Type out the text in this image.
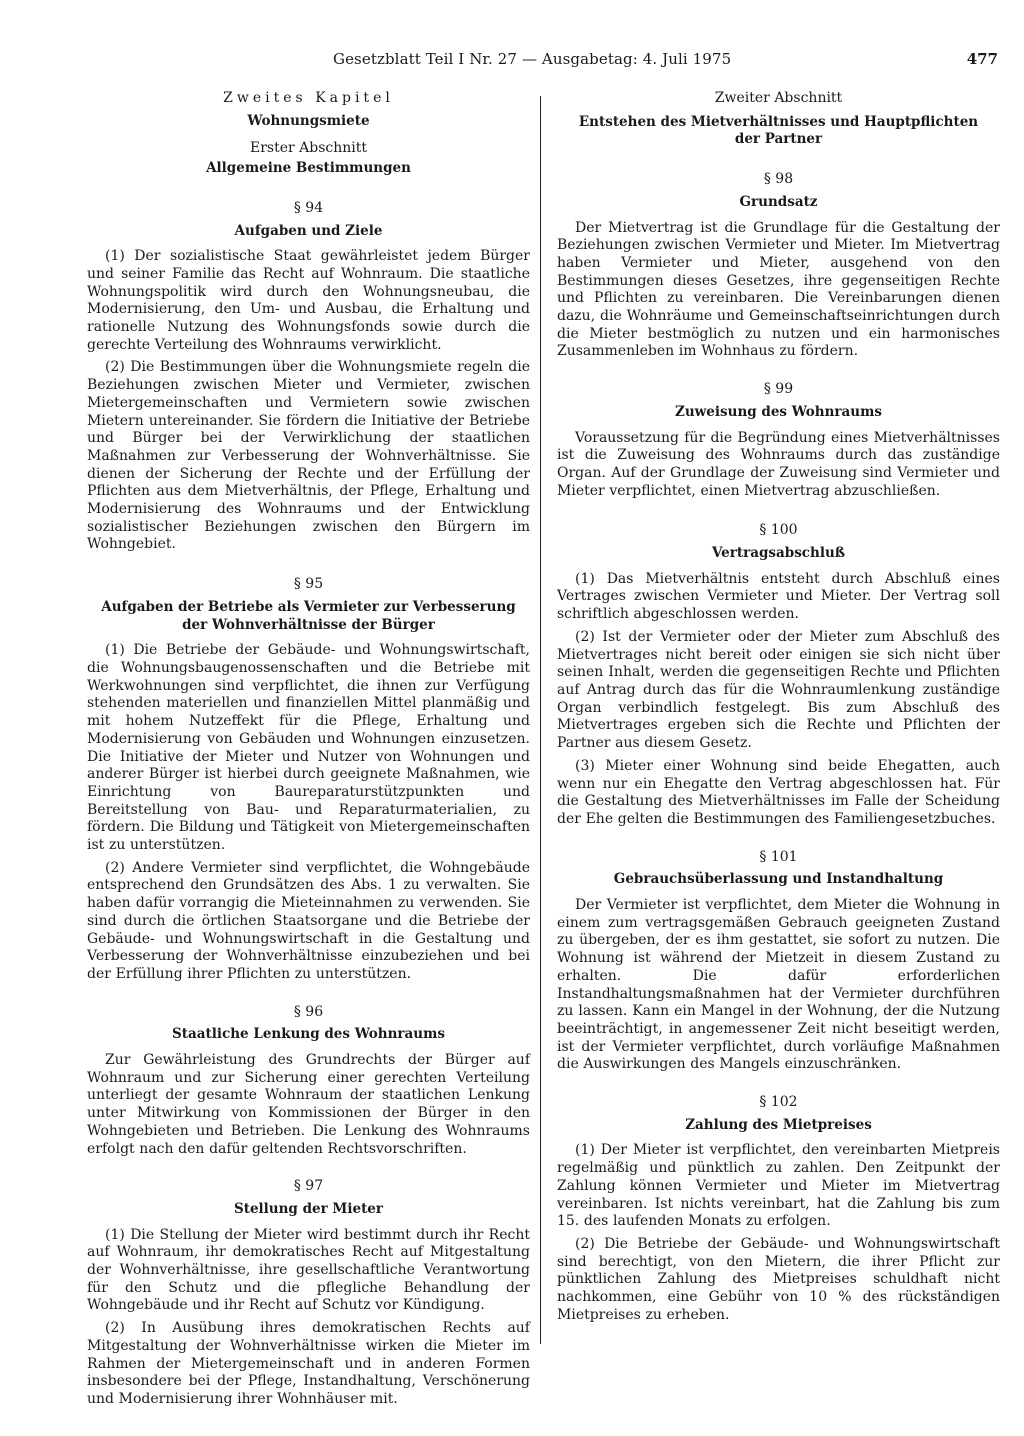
Gesetzblatt Teil I Nr. 27 — Ausgabetag: 4. Juli 1975	477
Zweites Kapitel
Wohnungsmiete
Erster Abschnitt
Allgemeine Bestimmungen
§ 94
Aufgaben und Ziele

(1) Der sozialistische Staat gewährleistet jedem Bürger und seiner Familie das Recht auf Wohnraum. Die staatliche Wohnungspolitik wird durch den Wohnungsneubau, die Modernisierung, den Um- und Ausbau, die Erhaltung und rationelle Nutzung des Wohnungsfonds sowie durch die gerechte Verteilung des Wohnraums verwirklicht.

(2) Die Bestimmungen über die Wohnungsmiete regeln die Beziehungen zwischen Mieter und Vermieter, zwischen Mietergemeinschaften und Vermietern sowie zwischen Mietern untereinander. Sie fördern die Initiative der Betriebe und Bürger bei der Verwirklichung der staatlichen Maßnahmen zur Verbesserung der Wohnverhältnisse. Sie dienen der Sicherung der Rechte und der Erfüllung der Pflichten aus dem Mietverhältnis, der Pflege, Erhaltung und Modernisierung des Wohnraums und der Entwicklung sozialistischer Beziehungen zwischen den Bürgern im Wohngebiet.

§ 95
Aufgaben der Betriebe als Vermieter zur Verbesserung
der Wohnverhältnisse der Bürger

(1) Die Betriebe der Gebäude- und Wohnungswirtschaft, die Wohnungsbaugenossenschaften und die Betriebe mit Werkwohnungen sind verpflichtet, die ihnen zur Verfügung stehenden materiellen und finanziellen Mittel planmäßig und mit hohem Nutzeffekt für die Pflege, Erhaltung und Modernisierung von Gebäuden und Wohnungen einzusetzen. Die Initiative der Mieter und Nutzer von Wohnungen und anderer Bürger ist hierbei durch geeignete Maßnahmen, wie Einrichtung von Baureparaturstützpunkten und Bereitstellung von Bau- und Reparaturmaterialien, zu fördern. Die Bildung und Tätigkeit von Mietergemeinschaften ist zu unterstützen.

(2) Andere Vermieter sind verpflichtet, die Wohngebäude entsprechend den Grundsätzen des Abs. 1 zu verwalten. Sie haben dafür vorrangig die Mieteinnahmen zu verwenden. Sie sind durch die örtlichen Staatsorgane und die Betriebe der Gebäude- und Wohnungswirtschaft in die Gestaltung und Verbesserung der Wohnverhältnisse einzubeziehen und bei der Erfüllung ihrer Pflichten zu unterstützen.

§ 96
Staatliche Lenkung des Wohnraums

Zur Gewährleistung des Grundrechts der Bürger auf Wohnraum und zur Sicherung einer gerechten Verteilung unterliegt der gesamte Wohnraum der staatlichen Lenkung unter Mitwirkung von Kommissionen der Bürger in den Wohngebieten und Betrieben. Die Lenkung des Wohnraums erfolgt nach den dafür geltenden Rechtsvorschriften.

§ 97
Stellung der Mieter

(1) Die Stellung der Mieter wird bestimmt durch ihr Recht auf Wohnraum, ihr demokratisches Recht auf Mitgestaltung der Wohnverhältnisse, ihre gesellschaftliche Verantwortung für den Schutz und die pflegliche Behandlung der Wohngebäude und ihr Recht auf Schutz vor Kündigung.

(2) In Ausübung ihres demokratischen Rechts auf Mitgestaltung der Wohnverhältnisse wirken die Mieter im Rahmen der Mietergemeinschaft und in anderen Formen insbesondere bei der Pflege, Instandhaltung, Verschönerung und Modernisierung ihrer Wohnhäuser mit.

Zweiter Abschnitt
Entstehen des Mietverhältnisses und Hauptpflichten
der Partner
§ 98
Grundsatz

Der Mietvertrag ist die Grundlage für die Gestaltung der Beziehungen zwischen Vermieter und Mieter. Im Mietvertrag haben Vermieter und Mieter, ausgehend von den Bestimmungen dieses Gesetzes, ihre gegenseitigen Rechte und Pflichten zu vereinbaren. Die Vereinbarungen dienen dazu, die Wohnräume und Gemeinschaftseinrichtungen durch die Mieter bestmöglich zu nutzen und ein harmonisches Zusammenleben im Wohnhaus zu fördern.

§ 99
Zuweisung des Wohnraums

Voraussetzung für die Begründung eines Mietverhältnisses ist die Zuweisung des Wohnraums durch das zuständige Organ. Auf der Grundlage der Zuweisung sind Vermieter und Mieter verpflichtet, einen Mietvertrag abzuschließen.

§ 100
Vertragsabschluß

(1) Das Mietverhältnis entsteht durch Abschluß eines Vertrages zwischen Vermieter und Mieter. Der Vertrag soll schriftlich abgeschlossen werden.

(2) Ist der Vermieter oder der Mieter zum Abschluß des Mietvertrages nicht bereit oder einigen sie sich nicht über seinen Inhalt, werden die gegenseitigen Rechte und Pflichten auf Antrag durch das für die Wohnraumlenkung zuständige Organ verbindlich festgelegt. Bis zum Abschluß des Mietvertrages ergeben sich die Rechte und Pflichten der Partner aus diesem Gesetz.

(3) Mieter einer Wohnung sind beide Ehegatten, auch wenn nur ein Ehegatte den Vertrag abgeschlossen hat. Für die Gestaltung des Mietverhältnisses im Falle der Scheidung der Ehe gelten die Bestimmungen des Familiengesetzbuches.

§ 101
Gebrauchsüberlassung und Instandhaltung

Der Vermieter ist verpflichtet, dem Mieter die Wohnung in einem zum vertragsgemäßen Gebrauch geeigneten Zustand zu übergeben, der es ihm gestattet, sie sofort zu nutzen. Die Wohnung ist während der Mietzeit in diesem Zustand zu erhalten. Die dafür erforderlichen Instandhaltungsmaßnahmen hat der Vermieter durchführen zu lassen. Kann ein Mangel in der Wohnung, der die Nutzung beeinträchtigt, in angemessener Zeit nicht beseitigt werden, ist der Vermieter verpflichtet, durch vorläufige Maßnahmen die Auswirkungen des Mangels einzuschränken.

§ 102
Zahlung des Mietpreises

(1) Der Mieter ist verpflichtet, den vereinbarten Mietpreis regelmäßig und pünktlich zu zahlen. Den Zeitpunkt der Zahlung können Vermieter und Mieter im Mietvertrag vereinbaren. Ist nichts vereinbart, hat die Zahlung bis zum 15. des laufenden Monats zu erfolgen.

(2) Die Betriebe der Gebäude- und Wohnungswirtschaft sind berechtigt, von den Mietern, die ihrer Pflicht zur pünktlichen Zahlung des Mietpreises schuldhaft nicht nachkommen, eine Gebühr von 10 % des rückständigen Mietpreises zu erheben.
